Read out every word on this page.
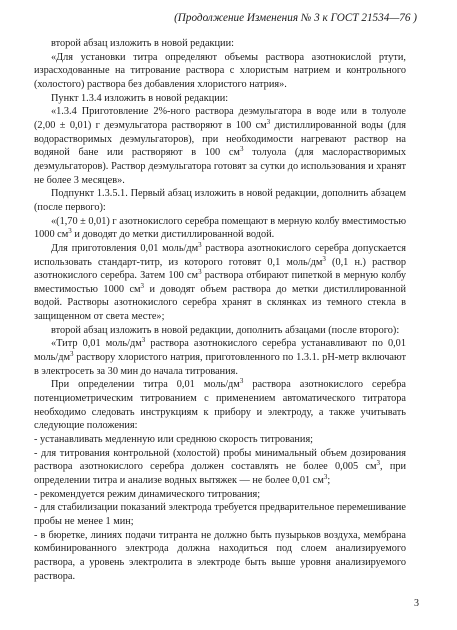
(Продолжение Изменения № 3 к ГОСТ 21534—76 )

второй абзац изложить в новой редакции:

«Для установки титра определяют объемы раствора азотнокислой ртути, израсходованные на титрование раствора с хлористым натрием и контрольного (холостого) раствора без добавления хлористого натрия».

Пункт 1.3.4 изложить в новой редакции:

«1.3.4 Приготовление 2%-ного раствора деэмульгатора в воде или в толуоле (2,00 ± 0,01) г деэмульгатора растворяют в 100 $см^3$ дистиллированной воды (для водорастворимых деэмульгаторов), при необходимости нагревают раствор на водяной бане или растворяют в 100 $см^3$ толуола (для маслорастворимых деэмульгаторов). Раствор деэмульгатора готовят за сутки до использования и хранят не более 3 месяцев».

Подпункт 1.3.5.1. Первый абзац изложить в новой редакции, дополнить абзацем (после первого):

«(1,70 ± 0,01) г азотнокислого серебра помещают в мерную колбу вместимостью 1000 $см^3$ и доводят до метки дистиллированной водой.

Для приготовления 0,01 моль/$дм^3$ раствора азотнокислого серебра допускается использовать стандарт-титр, из которого готовят 0,1 моль/$дм^3$ (0,1 н.) раствор азотнокислого серебра. Затем 100 $см^3$ раствора отбирают пипеткой в мерную колбу вместимостью 1000 $см^3$ и доводят объем раствора до метки дистиллированной водой. Растворы азотнокислого серебра хранят в склянках из темного стекла в защищенном от света месте»;

второй абзац изложить в новой редакции, дополнить абзацами (после второго):

«Титр 0,01 моль/$дм^3$ раствора азотнокислого серебра устанавливают по 0,01 моль/$дм^3$ раствору хлористого натрия, приготовленного по 1.3.1. pH-метр включают в электросеть за 30 мин до начала титрования.

При определении титра 0,01 моль/$дм^3$ раствора азотнокислого серебра потенциометрическим титрованием с применением автоматического титратора необходимо следовать инструкциям к прибору и электроду, а также учитывать следующие положения:

- устанавливать медленную или среднюю скорость титрования;

- для титрования контрольной (холостой) пробы минимальный объем дозирования раствора азотнокислого серебра должен составлять не более 0,005 $см^3$, при определении титра и анализе водных вытяжек — не более 0,01 $см^3$;

- рекомендуется режим динамического титрования;

- для стабилизации показаний электрода требуется предварительное перемешивание пробы не менее 1 мин;

- в бюретке, линиях подачи титранта не должно быть пузырьков воздуха, мембрана комбинированного электрода должна находиться под слоем анализируемого раствора, а уровень электролита в электроде быть выше уровня анализируемого раствора.

3
